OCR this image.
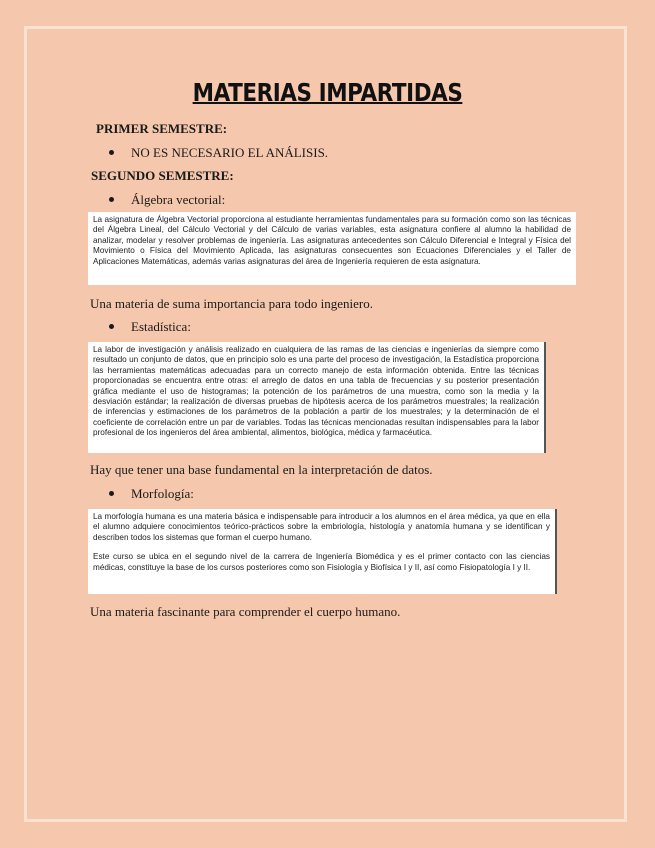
MATERIAS IMPARTIDAS
PRIMER SEMESTRE:
NO ES NECESARIO EL ANÁLISIS.
SEGUNDO SEMESTRE:
Álgebra vectorial:

La asignatura de Álgebra Vectorial proporciona al estudiante herramientas fundamentales para su formación como son las técnicas del Álgebra Lineal, del Cálculo Vectorial y del Cálculo de varias variables, esta asignatura confiere al alumno la habilidad de analizar, modelar y resolver problemas de ingeniería. Las asignaturas antecedentes son Cálculo Diferencial e Integral y Física del Movimiento o Física del Movimiento Aplicada, las asignaturas consecuentes son Ecuaciones Diferenciales y el Taller de Aplicaciones Matemáticas, además varias asignaturas del área de Ingeniería requieren de esta asignatura.

Una materia de suma importancia para todo ingeniero.
Estadística:

La labor de investigación y análisis realizado en cualquiera de las ramas de las ciencias e ingenierías da siempre como resultado un conjunto de datos, que en principio solo es una parte del proceso de investigación, la Estadística proporciona las herramientas matemáticas adecuadas para un correcto manejo de esta información obtenida. Entre las técnicas proporcionadas se encuentra entre otras: el arreglo de datos en una tabla de frecuencias y su posterior presentación gráfica mediante el uso de histogramas; la potención de los parámetros de una muestra, como son la media y la desviación estándar; la realización de diversas pruebas de hipótesis acerca de los parámetros muestrales; la realización de inferencias y estimaciones de los parámetros de la población a partir de los muestrales; y la determinación de el coeficiente de correlación entre un par de variables. Todas las técnicas mencionadas resultan indispensables para la labor profesional de los ingenieros del área ambiental, alimentos, biológica, médica y farmacéutica.

Hay que tener una base fundamental en la interpretación de datos.
Morfología:

La morfología humana es una materia básica e indispensable para introducir a los alumnos en el área médica, ya que en ella el alumno adquiere conocimientos teórico-prácticos sobre la embriología, histología y anatomía humana y se identifican y describen todos los sistemas que forman el cuerpo humano.

Este curso se ubica en el segundo nivel de la carrera de Ingeniería Biomédica y es el primer contacto con las ciencias médicas, constituye la base de los cursos posteriores como son Fisiología y Biofísica I y II, así como Fisiopatología I y II.

Una materia fascinante para comprender el cuerpo humano.
